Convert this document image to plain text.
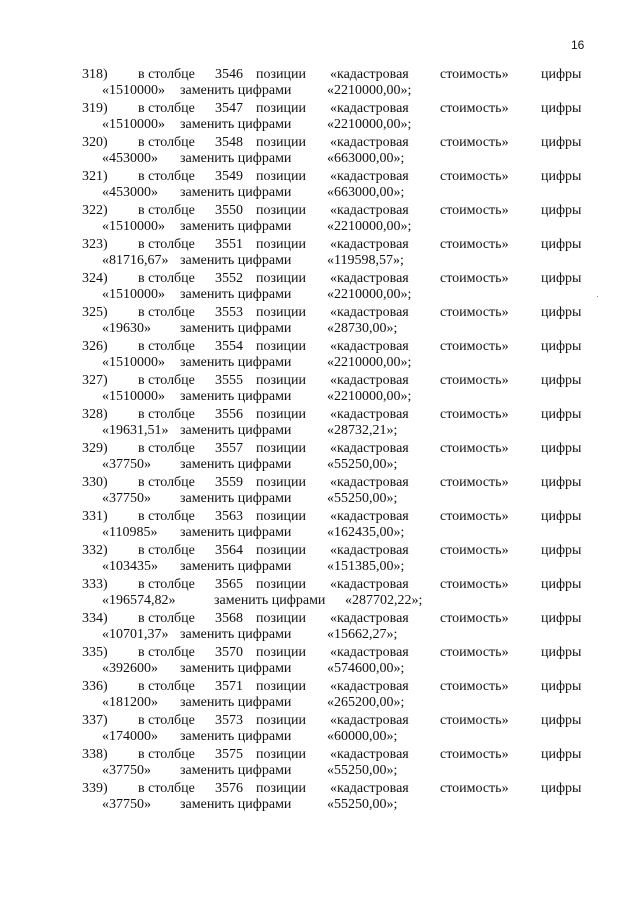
16
318) в столбце 3546 позиции «кадастровая стоимость» цифры
«1510000» заменить цифрами	«2210000,00»;
319) в столбце 3547 позиции «кадастровая стоимость» цифры
«1510000» заменить цифрами	«2210000,00»;
320) в столбце 3548 позиции «кадастровая стоимость» цифры
«453000» заменить цифрами	«663000,00»;
321) в столбце 3549 позиции «кадастровая стоимость» цифры
«453000» заменить цифрами	«663000,00»;
322) в столбце 3550 позиции «кадастровая стоимость» цифры
«1510000» заменить цифрами	«2210000,00»;
323) в столбце 3551 позиции «кадастровая стоимость» цифры
«81716,67» заменить цифрами	«119598,57»;
324) в столбце 3552 позиции «кадастровая стоимость» цифры
«1510000» заменить цифрами	«2210000,00»;
325) в столбце 3553 позиции «кадастровая стоимость» цифры
«19630» заменить цифрами	«28730,00»;
326) в столбце 3554 позиции «кадастровая стоимость» цифры
«1510000» заменить цифрами	«2210000,00»;
327) в столбце 3555 позиции «кадастровая стоимость» цифры
«1510000» заменить цифрами	«2210000,00»;
328) в столбце 3556 позиции «кадастровая стоимость» цифры
«19631,51» заменить цифрами	«28732,21»;
329) в столбце 3557 позиции «кадастровая стоимость» цифры
«37750» заменить цифрами	«55250,00»;
330) в столбце 3559 позиции «кадастровая стоимость» цифры
«37750» заменить цифрами	«55250,00»;
331) в столбце 3563 позиции «кадастровая стоимость» цифры
«110985» заменить цифрами	«162435,00»;
332) в столбце 3564 позиции «кадастровая стоимость» цифры
«103435» заменить цифрами	«151385,00»;
333) в столбце 3565 позиции «кадастровая стоимость» цифры
«196574,82»	заменить цифрами «287702,22»;
334) в столбце 3568 позиции «кадастровая стоимость» цифры
«10701,37» заменить цифрами	«15662,27»;
335) в столбце 3570 позиции «кадастровая стоимость» цифры
«392600» заменить цифрами	«574600,00»;
336) в столбце 3571 позиции «кадастровая стоимость» цифры
«181200» заменить цифрами	«265200,00»;
337) в столбце 3573 позиции «кадастровая стоимость» цифры
«174000» заменить цифрами	«60000,00»;
338) в столбце 3575 позиции «кадастровая стоимость» цифры
«37750» заменить цифрами	«55250,00»;
339) в столбце 3576 позиции «кадастровая стоимость» цифры
«37750» заменить цифрами	«55250,00»;
